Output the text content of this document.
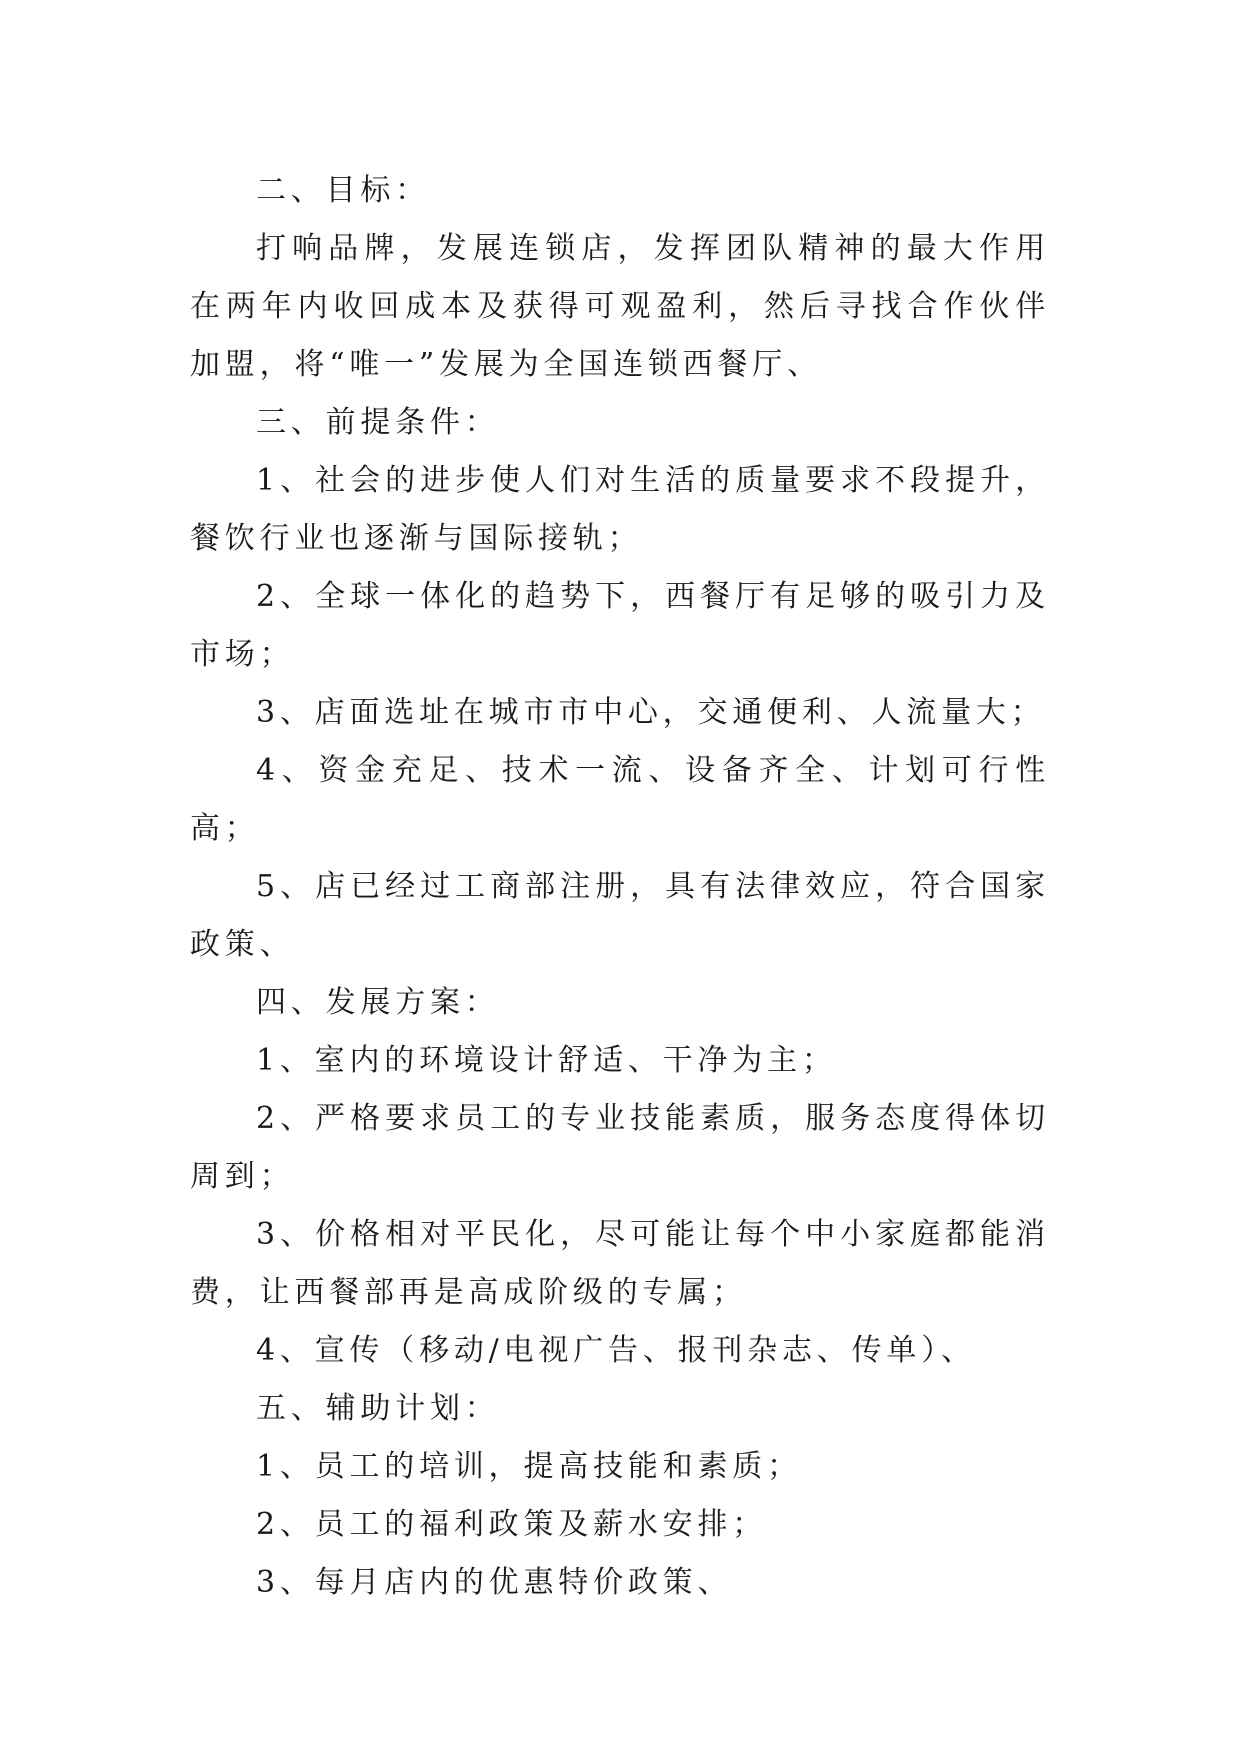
二、目标：

打响品牌，发展连锁店，发挥团队精神的最大作用在两年内收回成本及获得可观盈利，然后寻找合作伙伴加盟，将“唯一”发展为全国连锁西餐厅、

三、前提条件：

1、社会的进步使人们对生活的质量要求不段提升，餐饮行业也逐渐与国际接轨；

2、全球一体化的趋势下，西餐厅有足够的吸引力及市场；

3、店面选址在城市市中心，交通便利、人流量大；

4、资金充足、技术一流、设备齐全、计划可行性高；

5、店已经过工商部注册，具有法律效应，符合国家政策、

四、发展方案：

1、室内的环境设计舒适、干净为主；

2、严格要求员工的专业技能素质，服务态度得体切周到；

3、价格相对平民化，尽可能让每个中小家庭都能消费，让西餐部再是高成阶级的专属；

4、宣传（移动/电视广告、报刊杂志、传单）、

五、辅助计划：

1、员工的培训，提高技能和素质；

2、员工的福利政策及薪水安排；

3、每月店内的优惠特价政策、
